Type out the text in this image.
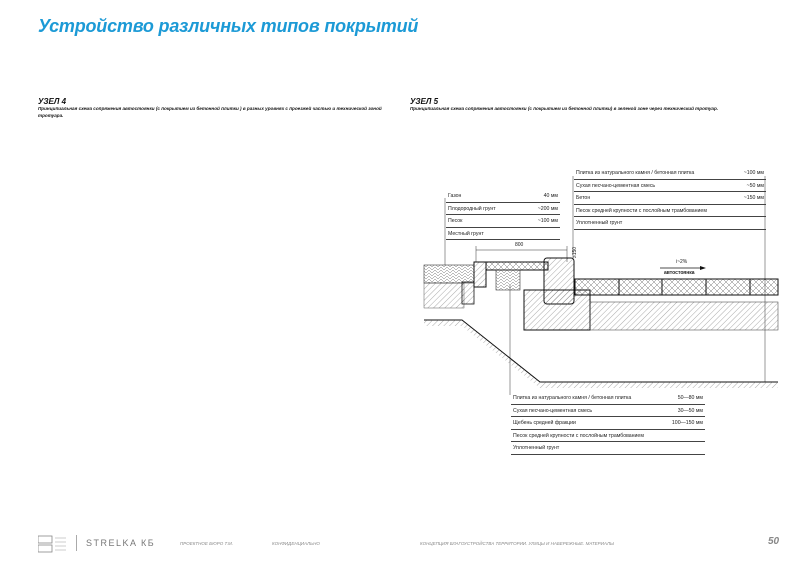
Устройство различных типов покрытий
УЗЕЛ 4
Принципиальная схема сопряжения автостоянки (с покрытием из бетонной плитки ) в разных уровнях с проезжей частью и технической зоной тротуара.
УЗЕЛ 5
Принципиальная схема сопряжения автостоянки (с покрытием из бетонной плитки) в зеленой зоне через технический тротуар.
Газон	40 мм
Плодородный грунт	~200 мм
Песок	~100 мм
Местный грунт
Плитка из натурального камня / бетонная плитка	~100 мм
Сухая песчано-цементная смесь	~50 мм
Бетон	~150 мм
Песок средней крупности с послойным трамбованием
Уплотненный грунт
Плитка из натурального камня / бетонная плитка	50—80 мм
Сухая песчано-цементная смесь	30—50 мм
Щебень средней фракции	100—150 мм
Песок средней крупности с послойным трамбованием
Уплотненный грунт
800
≥150
i~2%
автостоянка
STRELKA КБ	ПРОЕКТНОЕ БЮРО Т.М.	КОНФИДЕНЦИАЛЬНО	КОНЦЕПЦИЯ БЛАГОУСТРОЙСТВА ТЕРРИТОРИИ. УЛИЦЫ И НАБЕРЕЖНЫЕ. МАТЕРИАЛЫ	50
